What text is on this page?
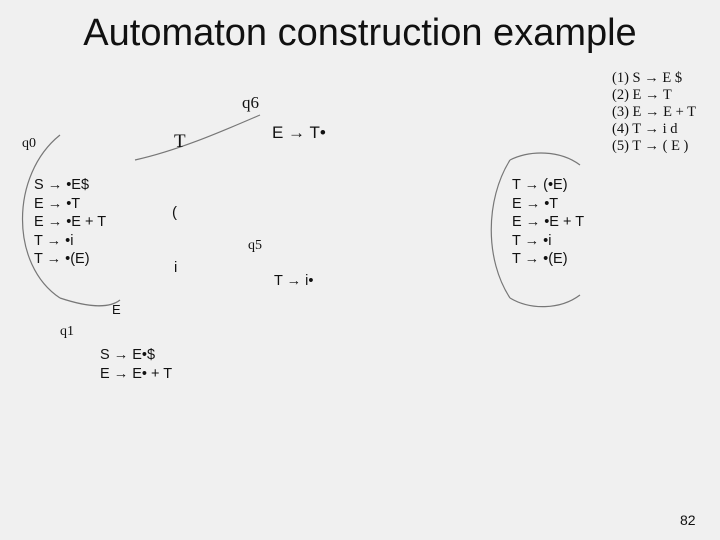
Automaton construction example
(1) S → E $
(2) E → T
(3) E → E + T
(4) T → i d
(5) T → ( E )
q0
q6
q5
q1
S → •E$
E → •T
E → •E + T
T → •i
T → •(E)
E → T•
T → i•
S → E•$
E → E• + T
T → (•E)
E → •T
E → •E + T
T → •i
T → •(E)
T
(
i
E
82
